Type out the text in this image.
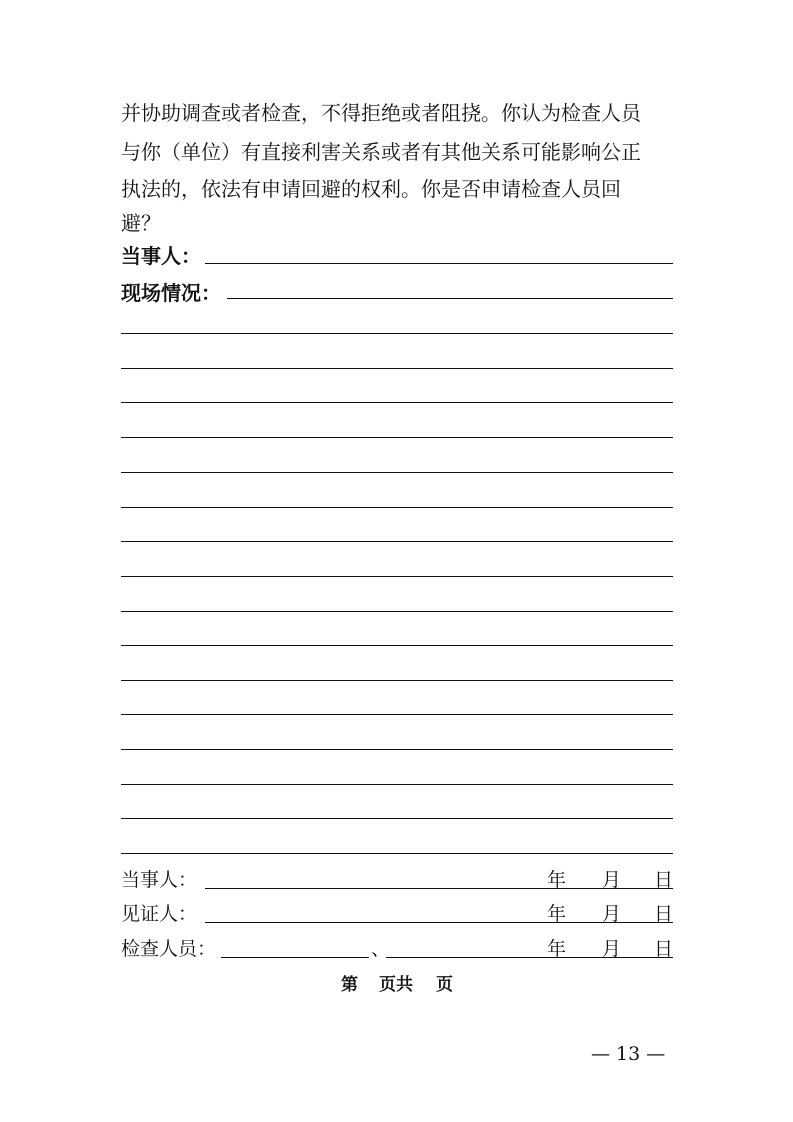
并协助调查或者检查，不得拒绝或者阻挠。你认为检查人员
与你（单位）有直接利害关系或者有其他关系可能影响公正
执法的，依法有申请回避的权利。你是否申请检查人员回
避？
当事人：
现场情况：
当事人：	年 月 日
见证人：	年 月 日
检查人员：	、	年 月 日
第 页共 页
— 13 —
